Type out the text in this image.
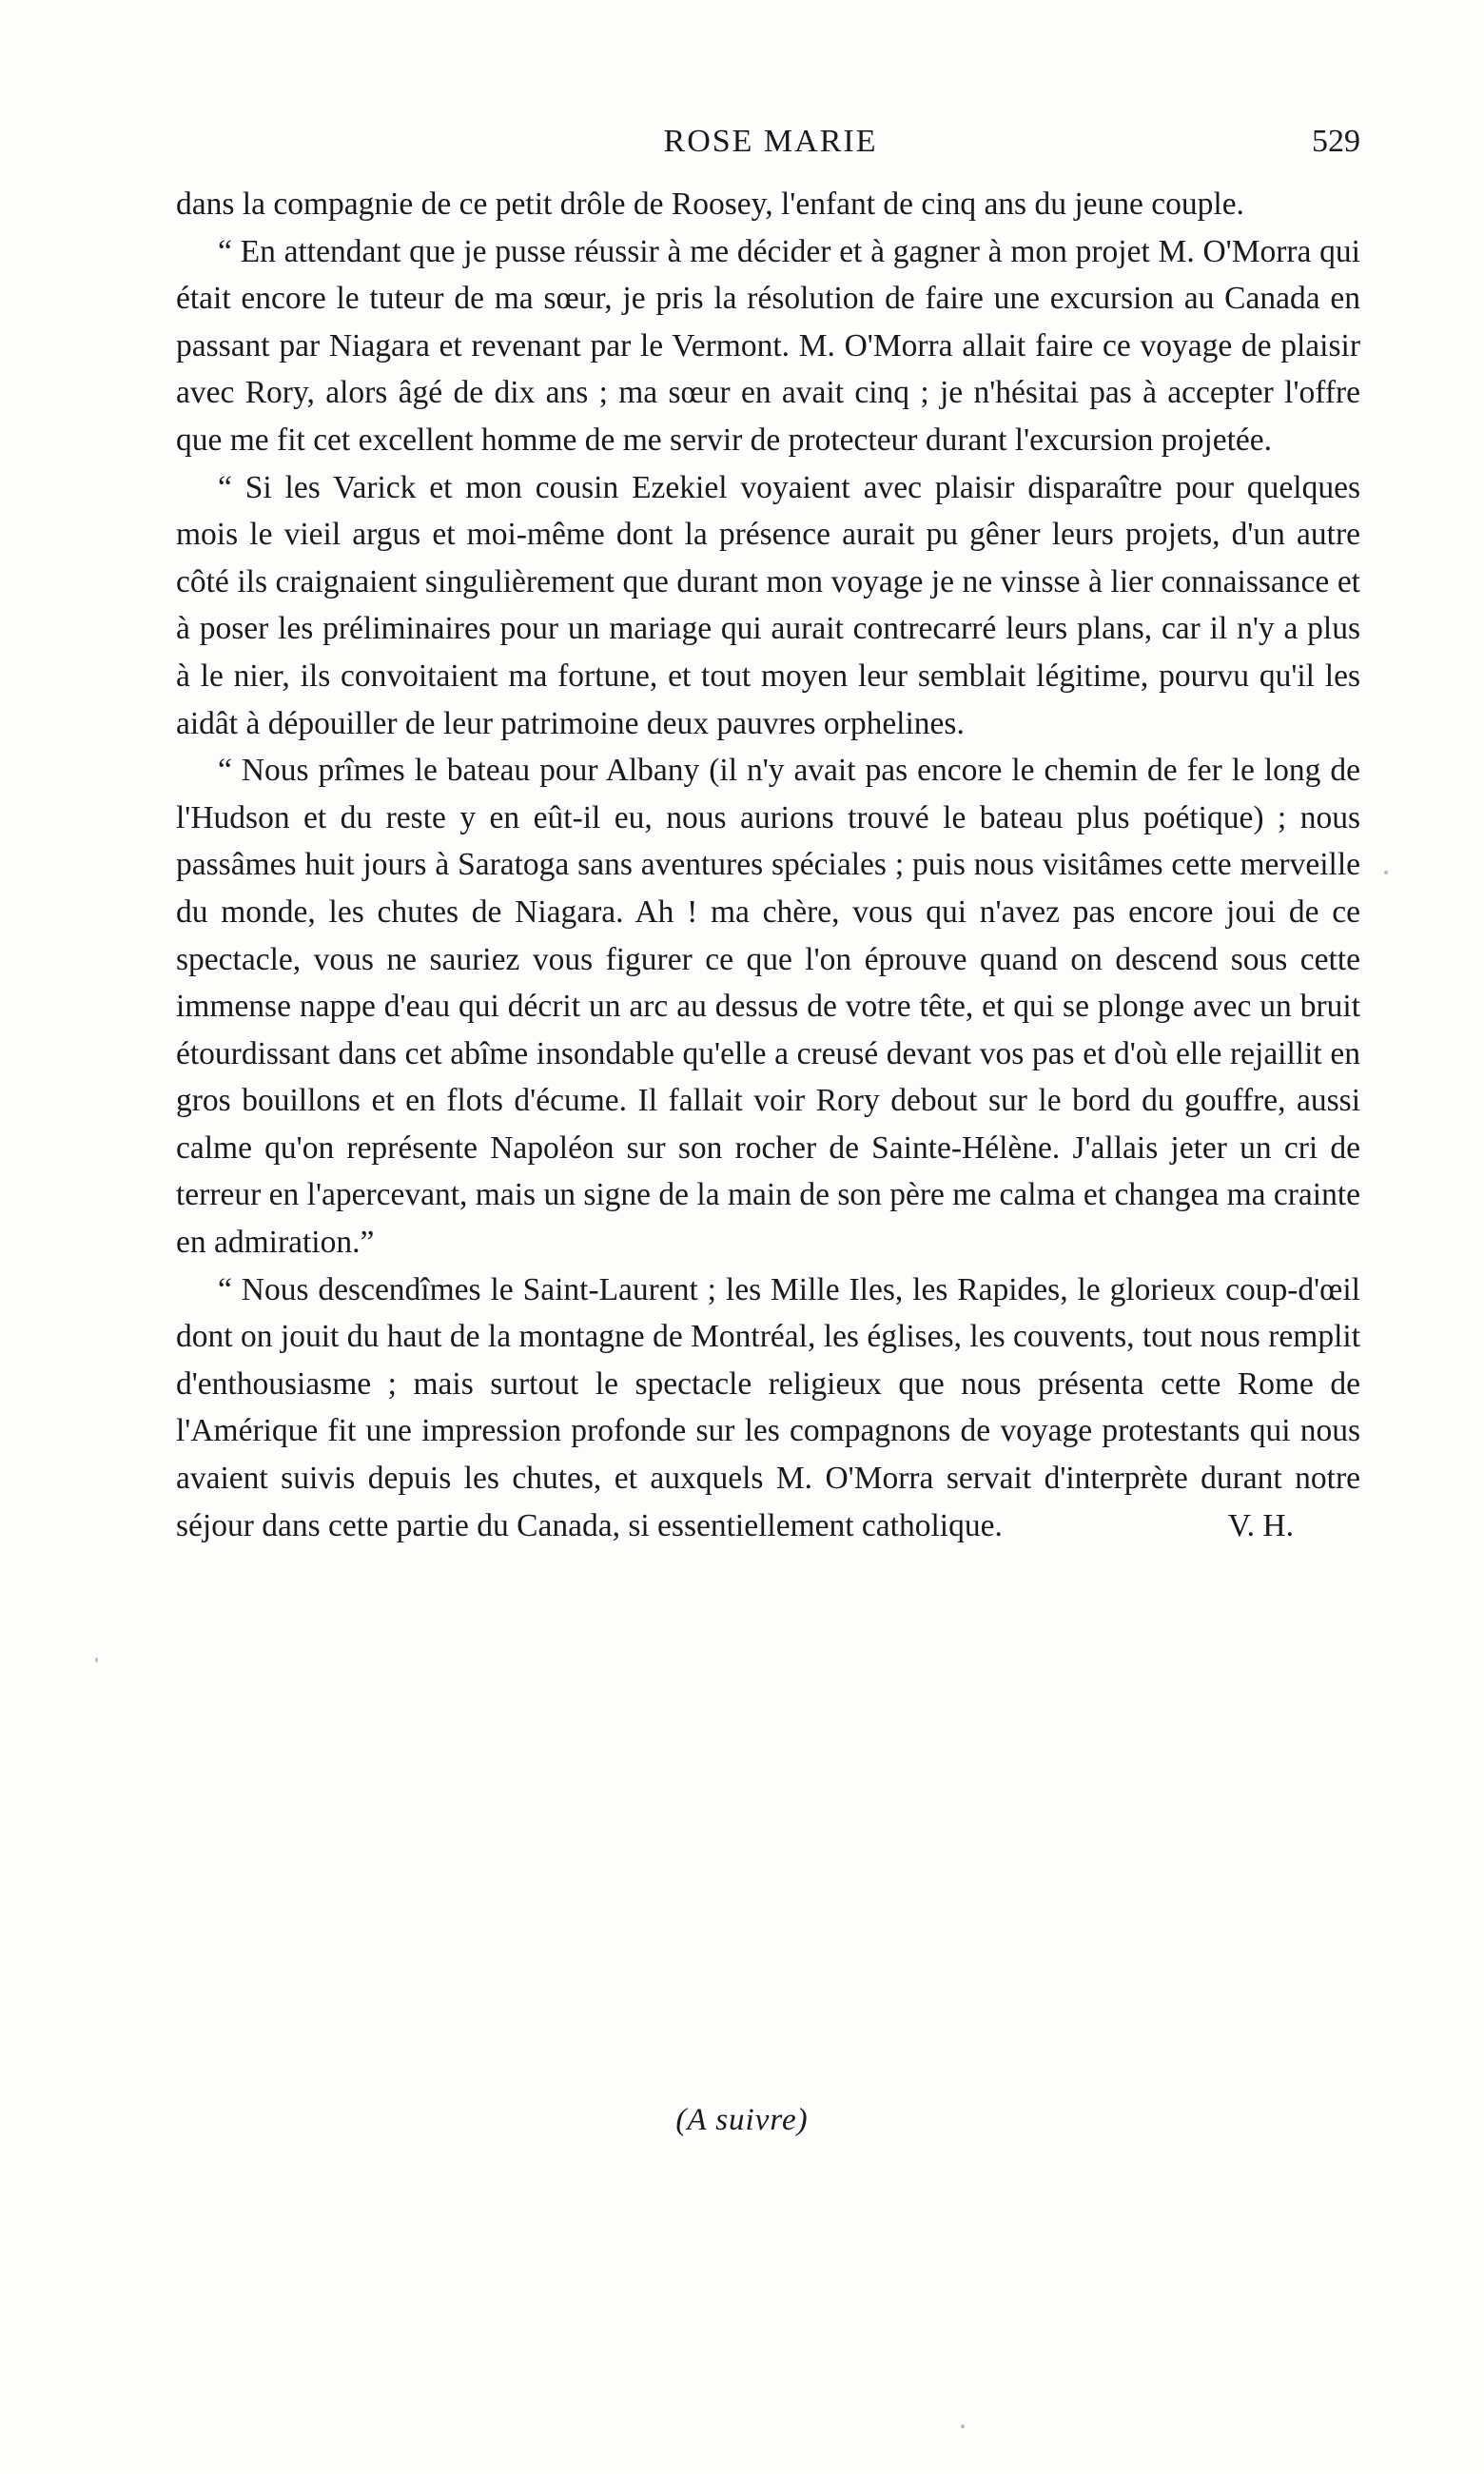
ROSE MARIE	529

dans la compagnie de ce petit drôle de Roosey, l'enfant de cinq ans du jeune couple.

“ En attendant que je pusse réussir à me décider et à gagner à mon projet M. O'Morra qui était encore le tuteur de ma sœur, je pris la résolution de faire une excursion au Canada en passant par Niagara et revenant par le Vermont. M. O'Morra allait faire ce voyage de plaisir avec Rory, alors âgé de dix ans ; ma sœur en avait cinq ; je n'hésitai pas à accepter l'offre que me fit cet excellent homme de me servir de protecteur durant l'excursion projetée.

“ Si les Varick et mon cousin Ezekiel voyaient avec plaisir disparaître pour quelques mois le vieil argus et moi-même dont la présence aurait pu gêner leurs projets, d'un autre côté ils craignaient singulièrement que durant mon voyage je ne vinsse à lier connaissance et à poser les préliminaires pour un mariage qui aurait contrecarré leurs plans, car il n'y a plus à le nier, ils convoitaient ma fortune, et tout moyen leur semblait légitime, pourvu qu'il les aidât à dépouiller de leur patrimoine deux pauvres orphelines.

“ Nous prîmes le bateau pour Albany (il n'y avait pas encore le chemin de fer le long de l'Hudson et du reste y en eût-il eu, nous aurions trouvé le bateau plus poétique) ; nous passâmes huit jours à Saratoga sans aventures spéciales ; puis nous visitâmes cette merveille du monde, les chutes de Niagara. Ah ! ma chère, vous qui n'avez pas encore joui de ce spectacle, vous ne sauriez vous figurer ce que l'on éprouve quand on descend sous cette immense nappe d'eau qui décrit un arc au dessus de votre tête, et qui se plonge avec un bruit étourdissant dans cet abîme insondable qu'elle a creusé devant vos pas et d'où elle rejaillit en gros bouillons et en flots d'écume. Il fallait voir Rory debout sur le bord du gouffre, aussi calme qu'on représente Napoléon sur son rocher de Sainte-Hélène. J'allais jeter un cri de terreur en l'apercevant, mais un signe de la main de son père me calma et changea ma crainte en admiration.”

“ Nous descendîmes le Saint-Laurent ; les Mille Iles, les Rapides, le glorieux coup-d'œil dont on jouit du haut de la montagne de Montréal, les églises, les couvents, tout nous remplit d'enthousiasme ; mais surtout le spectacle religieux que nous présenta cette Rome de l'Amérique fit une impression profonde sur les compagnons de voyage protestants qui nous avaient suivis depuis les chutes, et auxquels M. O'Morra servait d'interprète durant notre séjour dans cette partie du Canada, si essentiellement catholique.	V. H.

(A suivre)
